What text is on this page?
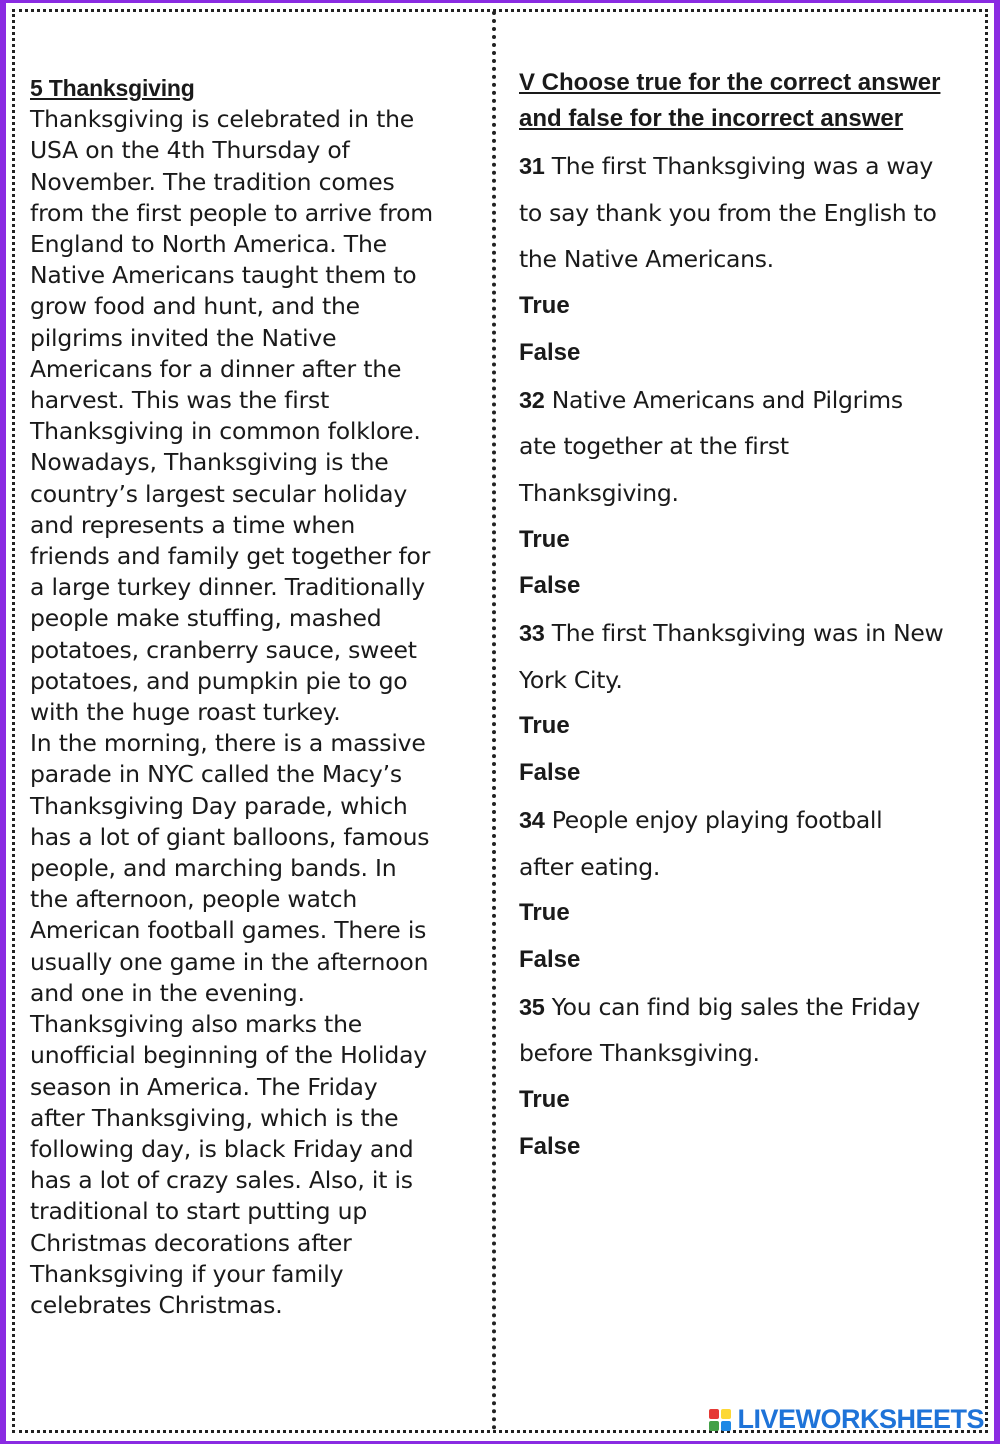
5 Thanksgiving
Thanksgiving is celebrated in the
USA on the 4th Thursday of
November. The tradition comes
from the first people to arrive from
England to North America. The
Native Americans taught them to
grow food and hunt, and the
pilgrims invited the Native
Americans for a dinner after the
harvest. This was the first
Thanksgiving in common folklore.
Nowadays, Thanksgiving is the
country’s largest secular holiday
and represents a time when
friends and family get together for
a large turkey dinner. Traditionally
people make stuffing, mashed
potatoes, cranberry sauce, sweet
potatoes, and pumpkin pie to go
with the huge roast turkey.
In the morning, there is a massive
parade in NYC called the Macy’s
Thanksgiving Day parade, which
has a lot of giant balloons, famous
people, and marching bands. In
the afternoon, people watch
American football games. There is
usually one game in the afternoon
and one in the evening.
Thanksgiving also marks the
unofficial beginning of the Holiday
season in America. The Friday
after Thanksgiving, which is the
following day, is black Friday and
has a lot of crazy sales. Also, it is
traditional to start putting up
Christmas decorations after
Thanksgiving if your family
celebrates Christmas.
V Choose true for the correct answer and false for the incorrect answer
31 The first Thanksgiving was a way
to say thank you from the English to
the Native Americans.
True
False
32 Native Americans and Pilgrims
ate together at the first
Thanksgiving.
True
False
33 The first Thanksgiving was in New
York City.
True
False
34 People enjoy playing football
after eating.
True
False
35 You can find big sales the Friday
before Thanksgiving.
True
False
LIVEWORKSHEETS
